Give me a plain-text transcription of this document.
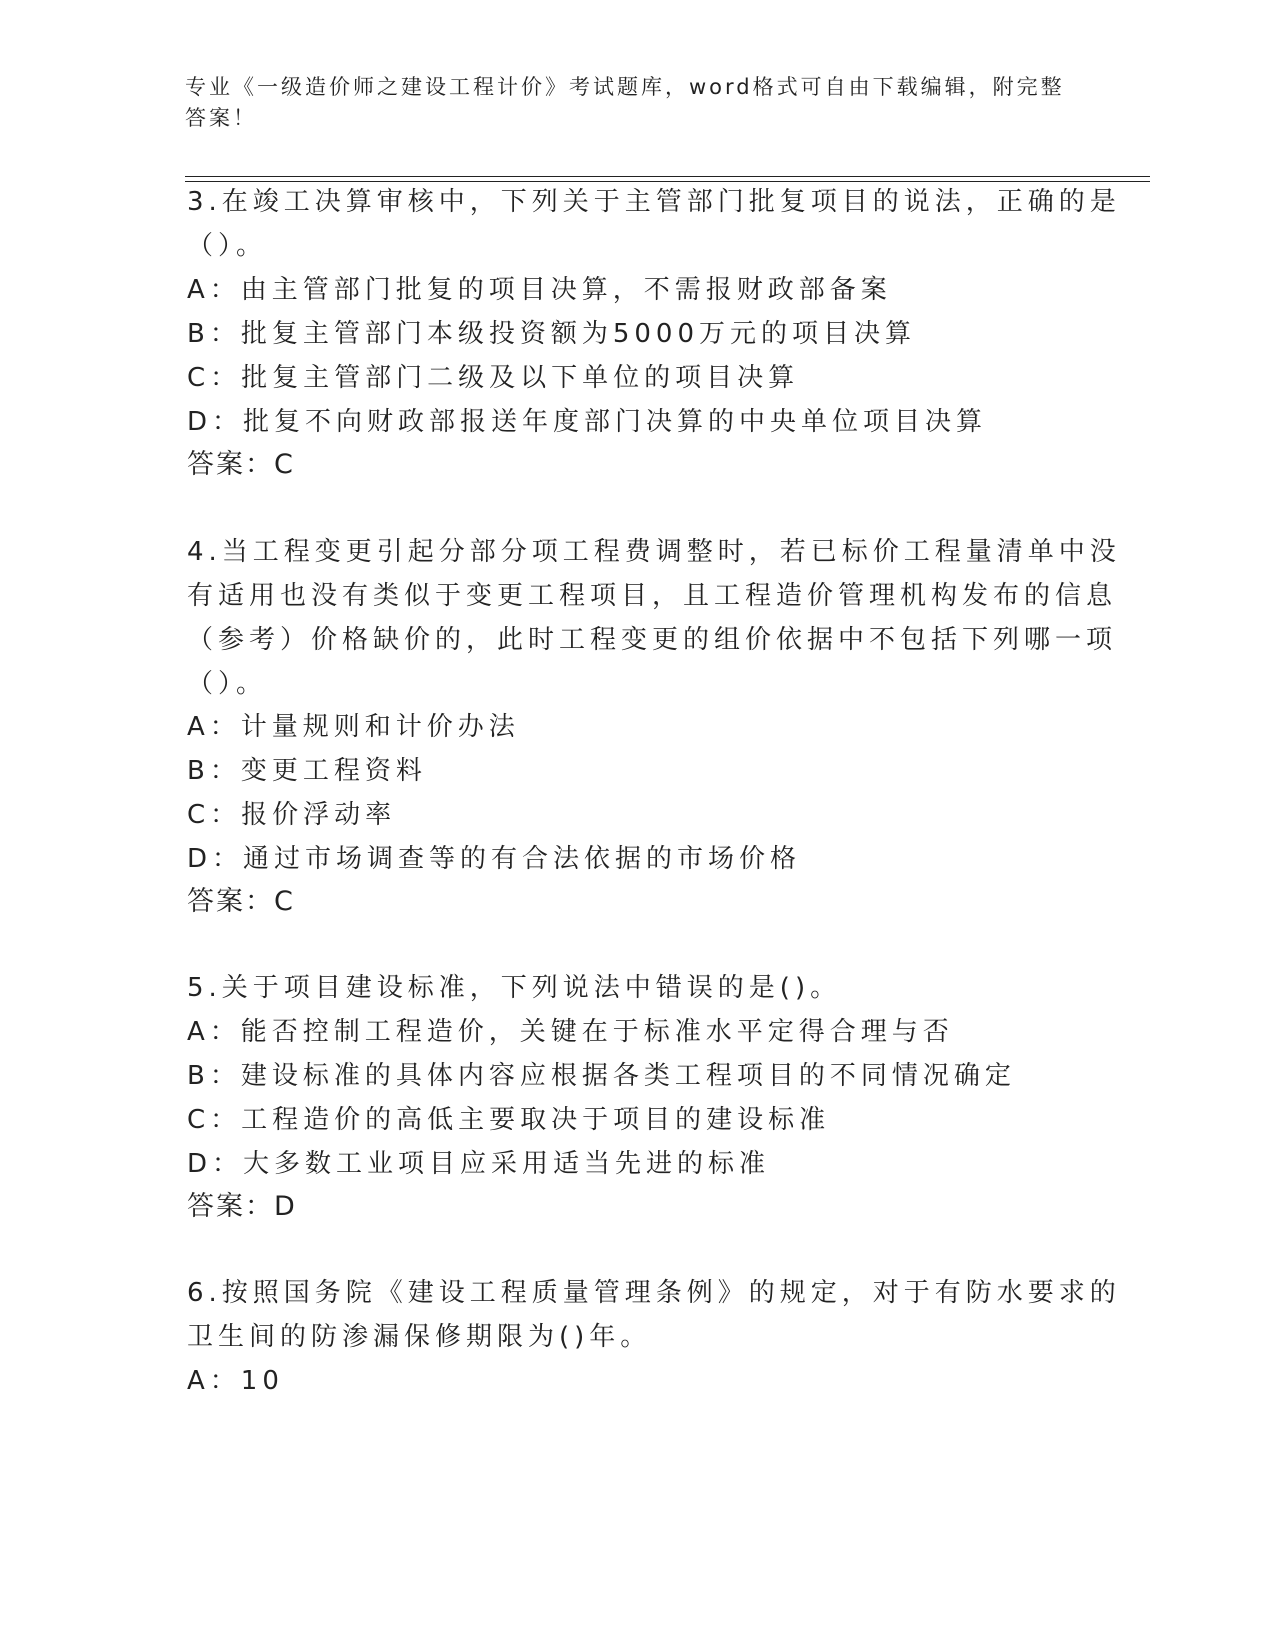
专业《一级造价师之建设工程计价》考试题库，word格式可自由下载编辑，附完整答案！
3.在竣工决算审核中，下列关于主管部门批复项目的说法，正确的是
（）。
A：由主管部门批复的项目决算，不需报财政部备案
B：批复主管部门本级投资额为5000万元的项目决算
C：批复主管部门二级及以下单位的项目决算
D：批复不向财政部报送年度部门决算的中央单位项目决算
答案：C
4.当工程变更引起分部分项工程费调整时，若已标价工程量清单中没
有适用也没有类似于变更工程项目，且工程造价管理机构发布的信息
（参考）价格缺价的，此时工程变更的组价依据中不包括下列哪一项
（）。
A：计量规则和计价办法
B：变更工程资料
C：报价浮动率
D：通过市场调查等的有合法依据的市场价格
答案：C
5.关于项目建设标准，下列说法中错误的是()。
A：能否控制工程造价，关键在于标准水平定得合理与否
B：建设标准的具体内容应根据各类工程项目的不同情况确定
C：工程造价的高低主要取决于项目的建设标准
D：大多数工业项目应采用适当先进的标准
答案：D
6.按照国务院《建设工程质量管理条例》的规定，对于有防水要求的
卫生间的防渗漏保修期限为()年。
A：10
